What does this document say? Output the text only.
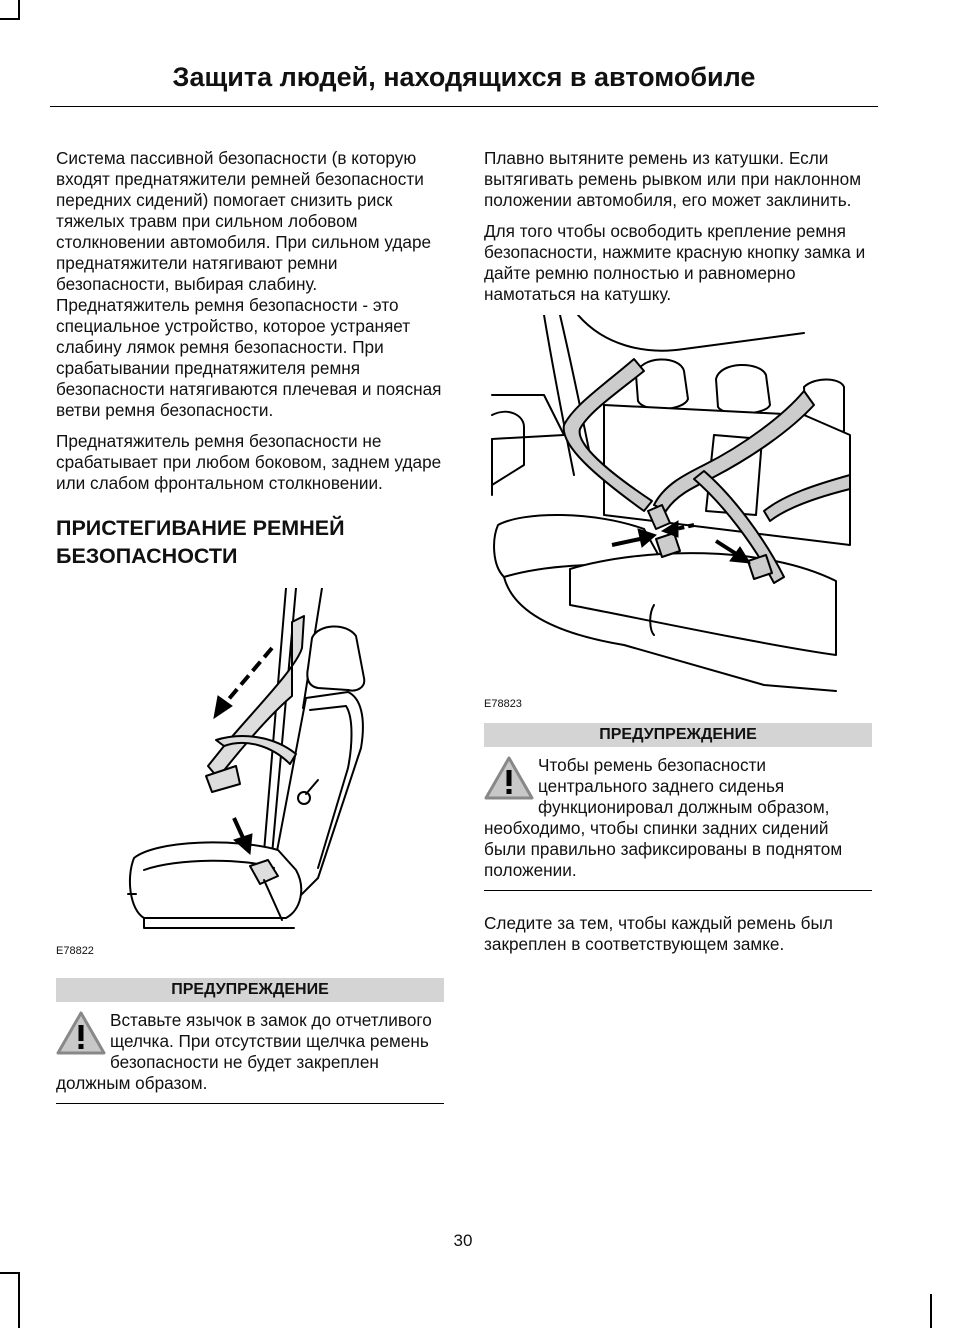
Защита людей, находящихся в автомобиле

Система пассивной безопасности (в которую входят преднатяжители ремней безопасности передних сидений) помогает снизить риск тяжелых травм при сильном лобовом столкновении автомобиля. При сильном ударе преднатяжители натягивают ремни безопасности, выбирая слабину. Преднатяжитель ремня безопасности - это специальное устройство, которое устраняет слабину лямок ремня безопасности. При срабатывании преднатяжителя ремня безопасности натягиваются плечевая и поясная ветви ремня безопасности.

Преднатяжитель ремня безопасности не срабатывает при любом боковом, заднем ударе или слабом фронтальном столкновении.

ПРИСТЕГИВАНИЕ РЕМНЕЙ БЕЗОПАСНОСТИ
E78822
ПРЕДУПРЕЖДЕНИЕ

Вставьте язычок в замок до отчетливого щелчка. При отсутствии щелчка ремень безопасности не будет закреплен должным образом.

Плавно вытяните ремень из катушки. Если вытягивать ремень рывком или при наклонном положении автомобиля, его может заклинить.

Для того чтобы освободить крепление ремня безопасности, нажмите красную кнопку замка и дайте ремню полностью и равномерно намотаться на катушку.

E78823
ПРЕДУПРЕЖДЕНИЕ

Чтобы ремень безопасности центрального заднего сиденья функционировал должным образом, необходимо, чтобы спинки задних сидений были правильно зафиксированы в поднятом положении.

Следите за тем, чтобы каждый ремень был закреплен в соответствующем замке.

30
